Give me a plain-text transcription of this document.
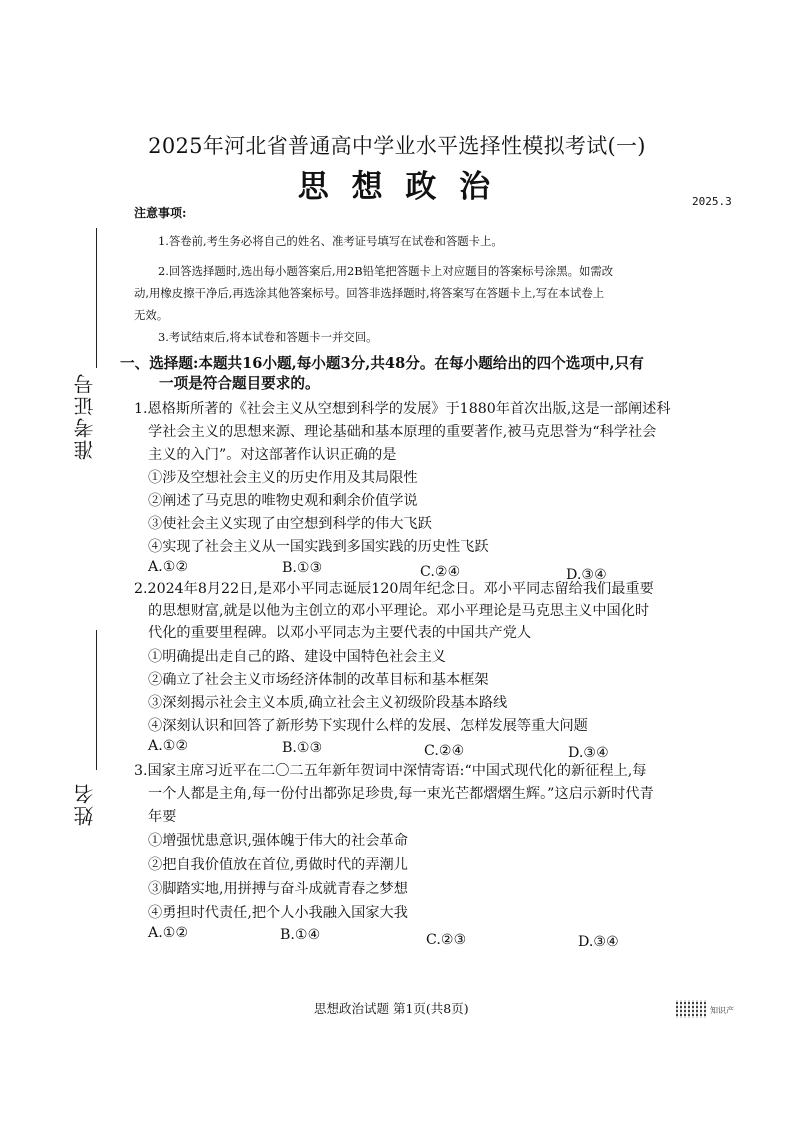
准考证号
姓名
2025年河北省普通高中学业水平选择性模拟考试(一)
思 想 政 治	2025.3
注意事项:
1.答卷前,考生务必将自己的姓名、准考证号填写在试卷和答题卡上。
2.回答选择题时,选出每小题答案后,用2B铅笔把答题卡上对应题目的答案标号涂黑。如需改
动,用橡皮擦干净后,再选涂其他答案标号。回答非选择题时,将答案写在答题卡上,写在本试卷上
无效。
3.考试结束后,将本试卷和答题卡一并交回。
一、选择题:本题共16小题,每小题3分,共48分。在每小题给出的四个选项中,只有
一项是符合题目要求的。
1.恩格斯所著的《社会主义从空想到科学的发展》于1880年首次出版,这是一部阐述科
学社会主义的思想来源、理论基础和基本原理的重要著作,被马克思誉为“科学社会
主义的入门”。对这部著作认识正确的是
①涉及空想社会主义的历史作用及其局限性
②阐述了马克思的唯物史观和剩余价值学说
③使社会主义实现了由空想到科学的伟大飞跃
④实现了社会主义从一国实践到多国实践的历史性飞跃
A.①②	B.①③	C.②④	D.③④
2.2024年8月22日,是邓小平同志诞辰120周年纪念日。邓小平同志留给我们最重要
的思想财富,就是以他为主创立的邓小平理论。邓小平理论是马克思主义中国化时
代化的重要里程碑。以邓小平同志为主要代表的中国共产党人
①明确提出走自己的路、建设中国特色社会主义
②确立了社会主义市场经济体制的改革目标和基本框架
③深刻揭示社会主义本质,确立社会主义初级阶段基本路线
④深刻认识和回答了新形势下实现什么样的发展、怎样发展等重大问题
A.①②	B.①③	C.②④	D.③④
3.国家主席习近平在二〇二五年新年贺词中深情寄语:“中国式现代化的新征程上,每
一个人都是主角,每一份付出都弥足珍贵,每一束光芒都熠熠生辉。”这启示新时代青
年要
①增强忧患意识,强体魄于伟大的社会革命
②把自我价值放在首位,勇做时代的弄潮儿
③脚踏实地,用拼搏与奋斗成就青春之梦想
④勇担时代责任,把个人小我融入国家大我
A.①②	B.①④	C.②③	D.③④
思想政治试题 第1页(共8页)	知识产
